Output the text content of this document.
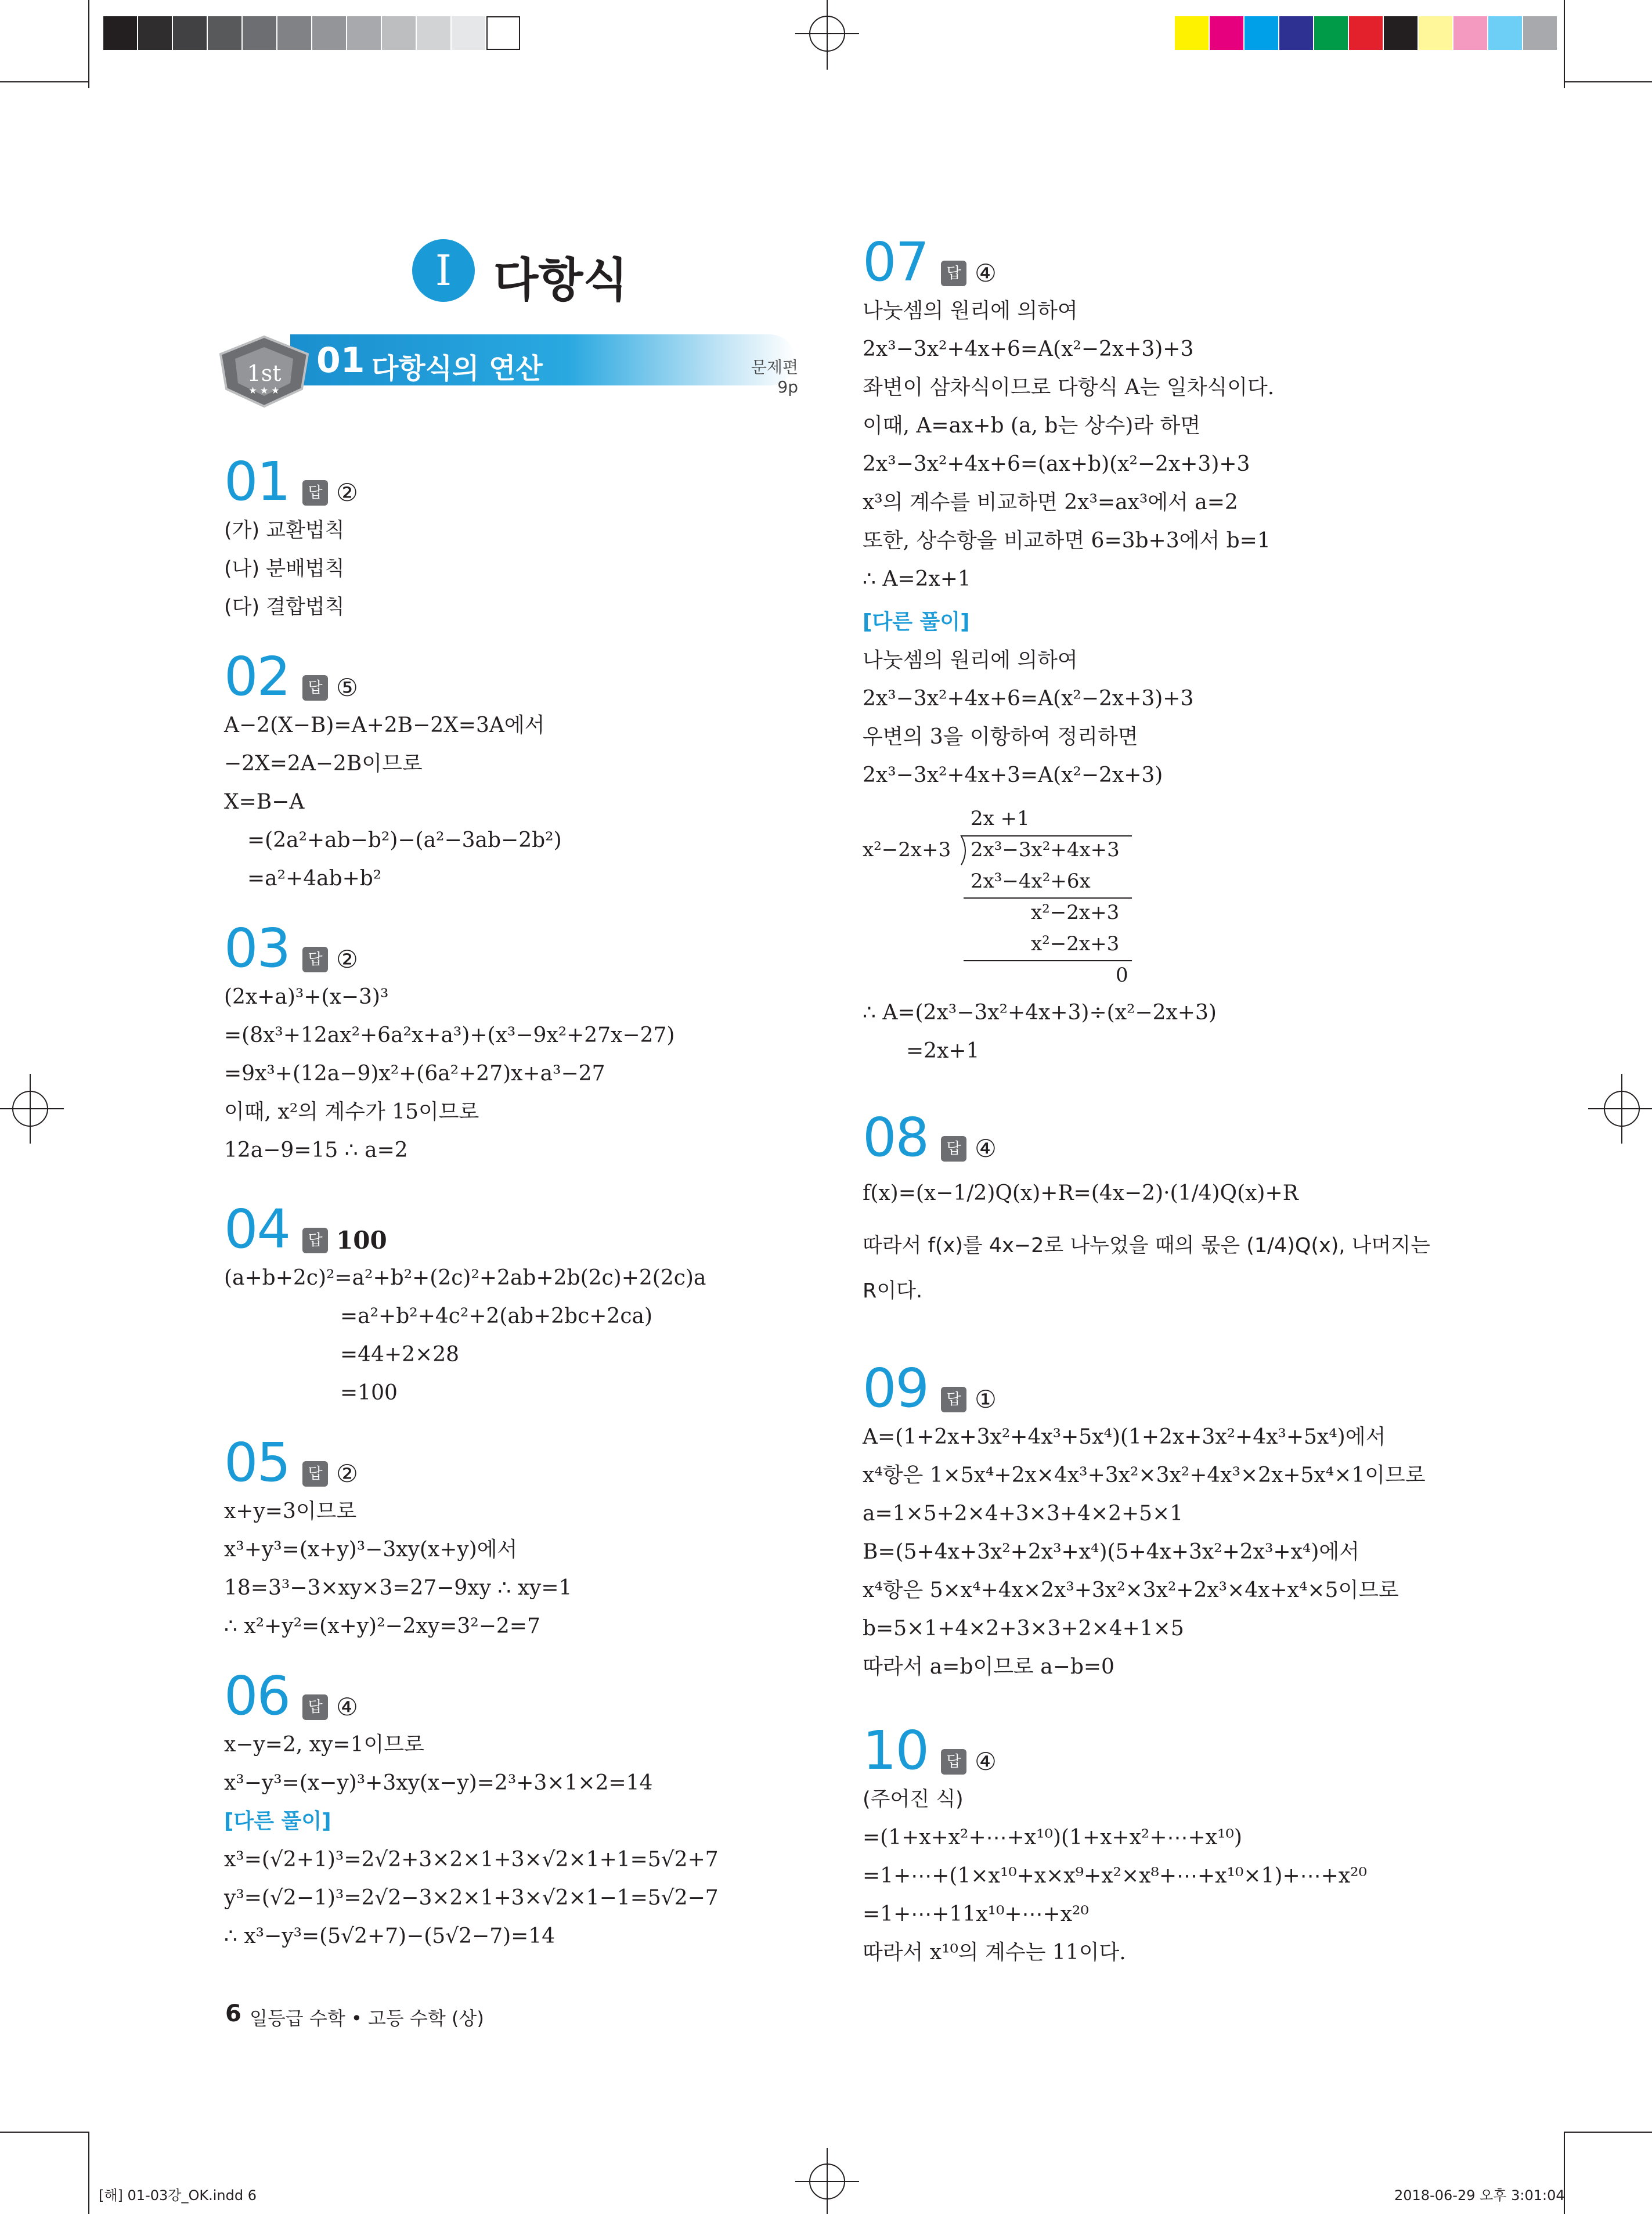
I 다항식
1st
★ ★ ★
01 다항식의 연산	문제편
9p
01 답 ②
(가) 교환법칙
(나) 분배법칙
(다) 결합법칙
02 답 ⑤
A−2(X−B)=A+2B−2X=3A에서
−2X=2A−2B이므로
X=B−A
=(2a²+ab−b²)−(a²−3ab−2b²)
=a²+4ab+b²
03 답 ②
(2x+a)³+(x−3)³
=(8x³+12ax²+6a²x+a³)+(x³−9x²+27x−27)
=9x³+(12a−9)x²+(6a²+27)x+a³−27
이때, x²의 계수가 15이므로
12a−9=15 ∴ a=2
04 답 100
(a+b+2c)²=a²+b²+(2c)²+2ab+2b(2c)+2(2c)a
=a²+b²+4c²+2(ab+2bc+2ca)
=44+2×28
=100
05 답 ②
x+y=3이므로
x³+y³=(x+y)³−3xy(x+y)에서
18=3³−3×xy×3=27−9xy ∴ xy=1
∴ x²+y²=(x+y)²−2xy=3²−2=7
06 답 ④
x−y=2, xy=1이므로
x³−y³=(x−y)³+3xy(x−y)=2³+3×1×2=14
[다른 풀이]
x³=(√2+1)³=2√2+3×2×1+3×√2×1+1=5√2+7
y³=(√2−1)³=2√2−3×2×1+3×√2×1−1=5√2−7
∴ x³−y³=(5√2+7)−(5√2−7)=14
07 답 ④
나눗셈의 원리에 의하여
2x³−3x²+4x+6=A(x²−2x+3)+3
좌변이 삼차식이므로 다항식 A는 일차식이다.
이때, A=ax+b (a, b는 상수)라 하면
2x³−3x²+4x+6=(ax+b)(x²−2x+3)+3
x³의 계수를 비교하면 2x³=ax³에서 a=2
또한, 상수항을 비교하면 6=3b+3에서 b=1
∴ A=2x+1
[다른 풀이]
나눗셈의 원리에 의하여
2x³−3x²+4x+6=A(x²−2x+3)+3
우변의 3을 이항하여 정리하면
2x³−3x²+4x+3=A(x²−2x+3)
2x +1
x²−2x+3 2x³−3x²+4x+3
2x³−4x²+6x
x²−2x+3
x²−2x+3
0
∴ A=(2x³−3x²+4x+3)÷(x²−2x+3)
=2x+1
08 답 ④
f(x)=(x−1/2)Q(x)+R=(4x−2)·(1/4)Q(x)+R
따라서 f(x)를 4x−2로 나누었을 때의 몫은 (1/4)Q(x), 나머지는
R이다.
09 답 ①
A=(1+2x+3x²+4x³+5x⁴)(1+2x+3x²+4x³+5x⁴)에서
x⁴항은 1×5x⁴+2x×4x³+3x²×3x²+4x³×2x+5x⁴×1이므로
a=1×5+2×4+3×3+4×2+5×1
B=(5+4x+3x²+2x³+x⁴)(5+4x+3x²+2x³+x⁴)에서
x⁴항은 5×x⁴+4x×2x³+3x²×3x²+2x³×4x+x⁴×5이므로
b=5×1+4×2+3×3+2×4+1×5
따라서 a=b이므로 a−b=0
10 답 ④
(주어진 식)
=(1+x+x²+⋯+x¹⁰)(1+x+x²+⋯+x¹⁰)
=1+⋯+(1×x¹⁰+x×x⁹+x²×x⁸+⋯+x¹⁰×1)+⋯+x²⁰
=1+⋯+11x¹⁰+⋯+x²⁰
따라서 x¹⁰의 계수는 11이다.
6 일등급 수학 • 고등 수학 (상)
[해] 01-03강_OK.indd 6	2018-06-29 오후 3:01:04
